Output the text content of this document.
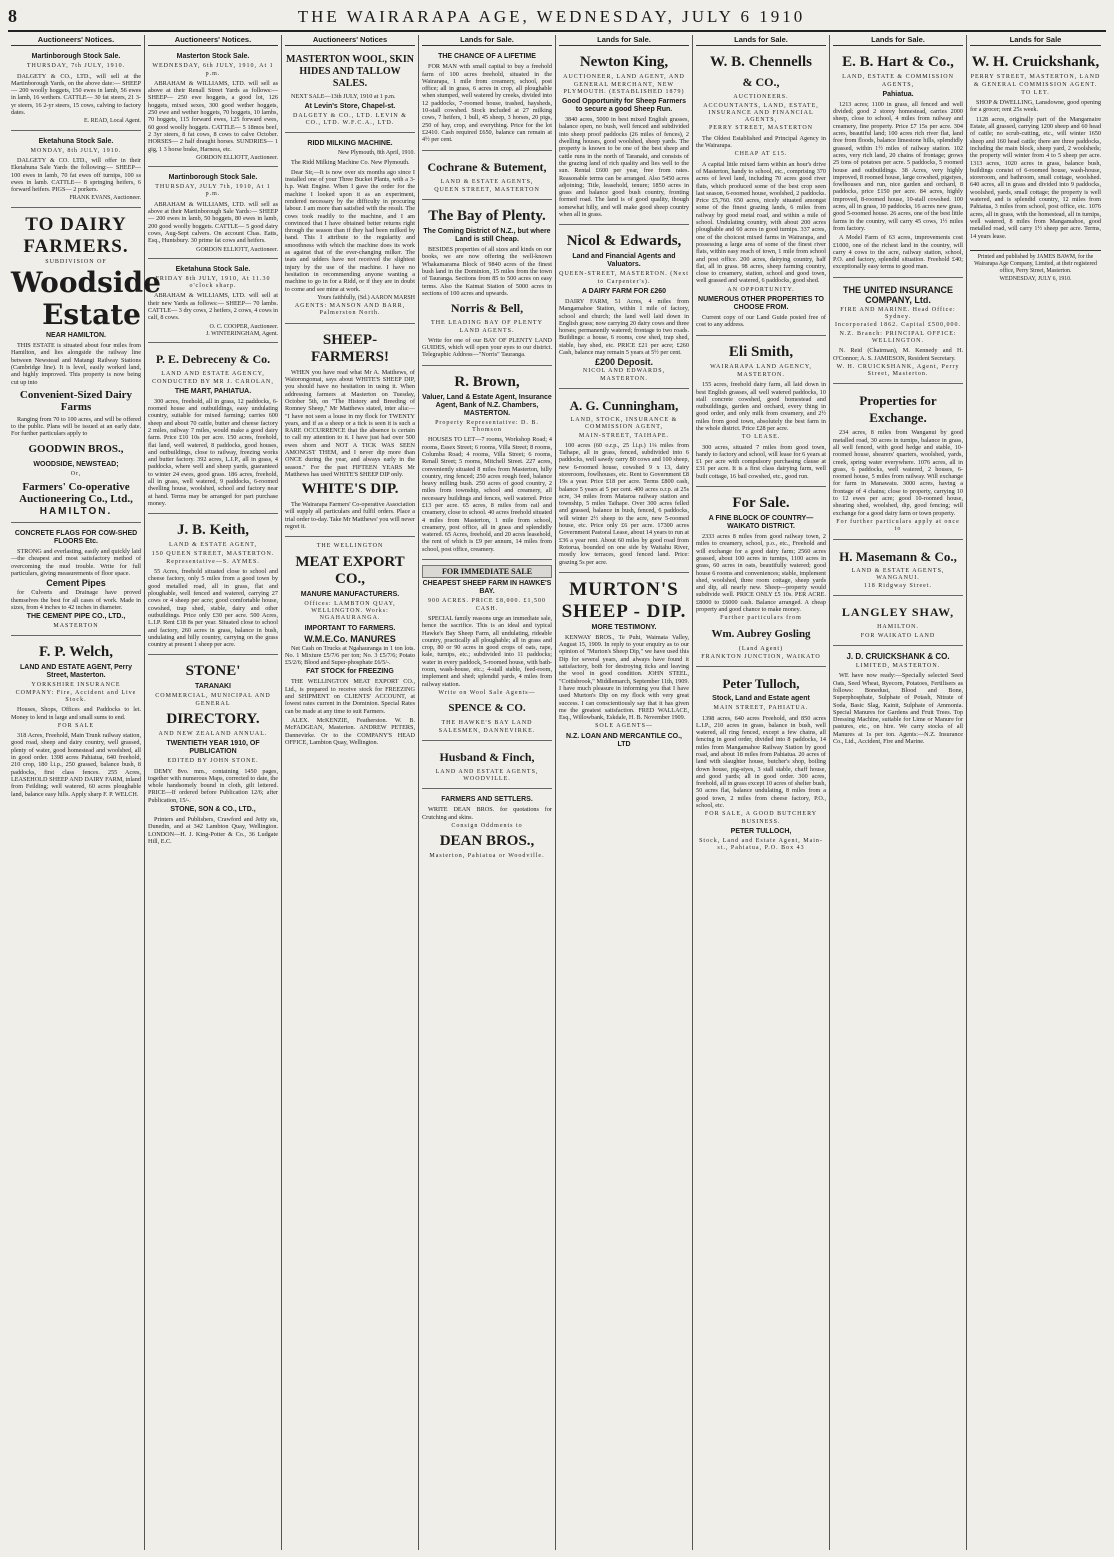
8	THE WAIRARAPA AGE, WEDNESDAY, JULY 6 1910
Auctioneers' Notices.
Martinborough Stock Sale.
THURSDAY, 7th JULY, 1910.
DALGETY & CO., LTD., will sell at the Martinborough Yards, on the above date:— SHEEP— 200 woolly hoggets, 150 ewes in lamb, 56 ewes in lamb, 16 wethers. CATTLE— 30 fat steers, 21 3-yr steers, 16 2-yr steers, 15 cows, calving to factory dates.
E. READ, Local Agent.
Eketahuna Stock Sale.
MONDAY, 8th JULY, 1910.
DALGETY & CO. LTD., will offer in their Eketahuna Sale Yards the following:— SHEEP— 100 ewes in lamb, 70 fat ewes off turnips, 100 ss ewes in lamb. CATTLE— 8 springing heifers, 6 forward heifers. PIGS— 2 porkers.
FRANK EVANS, Auctioneer.
TO DAIRY
FARMERS.
SUBDIVISION OF
Woodside
Estate
NEAR HAMILTON.
THIS ESTATE is situated about four miles from Hamilton, and lies alongside the railway line between Newstead and Matangi Railway Stations (Cambridge line). It is level, easily worked land, and highly improved. This property is now being cut up into
Convenient-Sized Dairy Farms
Ranging from 70 to 100 acres, and will be offered to the public. Plans will be issued at an early date. For further particulars apply to
GOODWIN BROS.,
WOODSIDE, NEWSTEAD;
Or,
Farmers' Co-operative Auctioneering Co., Ltd.,
HAMILTON.
CONCRETE FLAGS FOR COW-SHED FLOORS Etc.
STRONG and everlasting, easily and quickly laid—the cheapest and most satisfactory method of overcoming the mud trouble. Write for full particulars, giving measurements of floor space.
Cement Pipes
for Culverts and Drainage have proved themselves the best for all cases of work. Made in sizes, from 4 inches to 42 inches in diameter.
THE CEMENT PIPE CO., LTD.,
MASTERTON
F. P. Welch,
LAND AND ESTATE AGENT, Perry Street, Masterton.
YORKSHIRE INSURANCE COMPANY: Fire, Accident and Live Stock.
Houses, Shops, Offices and Paddocks to let. Money to lend in large and small sums to end.
FOR SALE
318 Acres, Freehold, Main Trunk railway station, good road, sheep and dairy country, well grassed, plenty of water, good homestead and woolshed, all in good order. 1398 acres Pahiatua, 640 freehold, 210 crop, 180 l.i.p., 250 grassed, balance bush, 8 paddocks, first class fences. 255 Acres, LEASEHOLD SHEEP AND DAIRY FARM, inland from Feilding; well watered, 60 acres ploughable land, balance easy hills. Apply sharp F. P. WELCH.
Auctioneers' Notices.
Masterton Stock Sale.
WEDNESDAY, 6th JULY, 1910, At 1 p.m.
ABRAHAM & WILLIAMS, LTD. will sell as above at their Renall Street Yards as follows:— SHEEP— 250 ewe hoggets, a good lot, 126 hoggets, mixed sexes, 300 good wether hoggets, 250 ewe and wether hoggets, 70 hoggets, 10 lambs, 70 hoggets, 115 forward ewes, 125 forward ewes, 60 good woolly hoggets. CATTLE— 5 18mos beef, 2 3yr steers, 8 fat cows, 8 cows to calve October. HORSES— 2 half draught horses. SUNDRIES— 1 gig, 1 3 horse brake, Harness, etc.
GORDON ELLIOTT, Auctioneer.
Martinborough Stock Sale.
THURSDAY, JULY 7th, 1910, At 1 p.m.
ABRAHAM & WILLIAMS, LTD. will sell as above at their Martinborough Sale Yards:— SHEEP— 200 ewes in lamb, 50 hoggets, 80 ewes in lamb, 200 good woolly hoggets. CATTLE— 5 good dairy cows, Aug-Sept calvers. On account Chas. Eatts, Esq., Huntsbury. 30 prime fat cows and heifers.
GORDON ELLIOTT, Auctioneer.
Eketahuna Stock Sale.
FRIDAY 8th JULY, 1910, At 11.30 o'clock sharp.
ABRAHAM & WILLIAMS, LTD. will sell at their new Yards as follows:— SHEEP— 70 lambs. CATTLE— 3 dry cows, 2 heifers, 2 cows, 4 cows in calf, 8 cows.
O. C. COOPER, Auctioneer.
J. WINTERINGHAM, Agent.
P. E. Debreceny & Co.
LAND AND ESTATE AGENCY, CONDUCTED BY MR J. CAROLAN,
THE MART, PAHIATUA.
300 acres, freehold, all in grass, 12 paddocks, 6-roomed house and outbuildings, easy undulating country, suitable for mixed farming; carries 600 sheep and about 70 cattle, butter and cheese factory 2 miles, railway 7 miles, would make a good dairy farm. Price £10 10s per acre. 150 acres, freehold, flat land, well watered, 8 paddocks, good houses, and outbuildings, close to railway, freezing works and butter factory. 392 acres, L.I.P., all in grass, 4 paddocks, where well and sheep yards, guaranteed to winter 24 ewes, good grass. 186 acres, freehold, all in grass, well watered, 9 paddocks, 6-roomed dwelling house, woolshed, school and factory near at hand. Terms may be arranged for part purchase money.
J. B. Keith,
LAND & ESTATE AGENT,
150 QUEEN STREET, MASTERTON.
Representative—S. AYMES.
55 Acres, freehold situated close to school and cheese factory, only 5 miles from a good town by good metalled road, all in grass, flat and ploughable, well fenced and watered, carrying 27 cows or 4 sheep per acre; good comfortable house, cowshed, trap shed, stable, dairy and other outbuildings. Price only £30 per acre. 500 Acres, L.I.P. Rent £18 8s per year. Situated close to school and factory, 260 acres in grass, balance in bush, undulating and hilly country, carrying on the grass country at present 1 sheep per acre.
STONE'
TARANAKI
COMMERCIAL, MUNICIPAL AND GENERAL
DIRECTORY.
AND NEW ZEALAND ANNUAL.
TWENTIETH YEAR 1910, OF PUBLICATION
EDITED BY JOHN STONE.
DEMY 8vo. mm., containing 1450 pages, together with numerous Maps, corrected to date, the whole handsomely bound in cloth, gilt lettered. PRICE—If ordered before Publication 12/6; after Publication, 15/-.
STONE, SON & CO., LTD.,
Printers and Publishers, Crawford and Jetty sts, Dunedin, and at 342 Lambton Quay, Wellington. LONDON—H. J. King-Potter & Co., 36 Ludgate Hill, E.C.
Auctioneers' Notices
MASTERTON WOOL, SKIN HIDES AND TALLOW SALES.
NEXT SALE—13th JULY, 1910 at 1 p.m.
At Levin's Store, Chapel-st.
DALGETY & CO., LTD. LEVIN & CO., LTD. W.F.C.A., LTD.
RIDD MILKING MACHINE.
New Plymouth, 8th April, 1910.
The Ridd Milking Machine Co. New Plymouth.
Dear Sir,—It is now over six months ago since I installed one of your Three Bucket Plants, with a 3-h.p. Watt Engine. When I gave the order for the machine I looked upon it as an experiment, rendered necessary by the difficulty in procuring labour. I am more than satisfied with the result. The cows took readily to the machine, and I am convinced that I have obtained better returns right through the season than if they had been milked by hand. This I attribute to the regularity and smoothness with which the machine does its work as against that of the ever-changing milker. The teats and udders have not received the slightest injury by the use of the machine. I have no hesitation in recommending anyone wanting a machine to go in for a Ridd, or if they are in doubt to come and see mine at work.
Yours faithfully, (Sd.) AARON MARSH
AGENTS: MANSON AND BARR, Palmerston North.
SHEEP-FARMERS!
WHEN you have read what Mr A. Matthews, of Waiorongomai, says about WHITE'S SHEEP DIP, you should have no hesitation in using it. When addressing farmers at Masterton on Tuesday, October 5th, on "The History and Breeding of Romney Sheep," Mr Matthews stated, inter alia:— "I have not seen a louse in my flock for TWENTY years, and if as a sheep or a tick is seen it is such a RARE OCCURRENCE that the absence is certain to call my attention to it. I have just had over 500 ewes shorn and NOT A TICK WAS SEEN AMONGST THEM, and I never dip more than ONCE during the year, and always early in the season." For the past FIFTEEN YEARS Mr Matthews has used WHITE'S SHEEP DIP only.
WHITE'S DIP.
The Wairarapa Farmers' Co-operative Association will supply all particulars and fulfil orders. Place a trial order to-day. Take Mr Matthews' you will never regret it.
THE WELLINGTON
MEAT EXPORT CO.,
MANURE MANUFACTURERS.
Offices: LAMBTON QUAY, WELLINGTON. Works: NGAHAURANGA.
IMPORTANT TO FARMERS.
W.M.E.Co. MANURES
Net Cash on Trucks at Ngahauranga in 1 ton lots. No. 1 Mixture £5/7/6 per ton; No. 3 £5/7/6; Potato £5/2/6; Blood and Super-phosphate £6/5/-.
FAT STOCK for FREEZING
THE WELLINGTON MEAT EXPORT CO., Ltd., is prepared to receive stock for FREEZING and SHIPMENT on CLIENTS' ACCOUNT, at lowest rates current in the Dominion. Special Rates can be made at any time to suit Farmers.
ALEX. McKENZIE, Featherston. W. B. McFADGEAN, Masterton. ANDREW PETERS, Dannevirke. Or to the COMPANY'S HEAD OFFICE, Lambton Quay, Wellington.
Lands for Sale.
THE CHANCE OF A LIFETIME
FOR MAN with small capital to buy a freehold farm of 100 acres freehold, situated in the Wairarapa, 1 mile from creamery, school, post office; all in grass, 6 acres in crop, all ploughable when stumped, well watered by creeks, divided into 12 paddocks, 7-roomed house, trashed, haysheds, 10-stall cowshed. Stock included at 27 milking cows, 7 heifers, 1 bull, 45 sheep, 3 horses, 20 pigs, 250 of hay, crop, and everything. Price for the lot £2410. Cash required £650, balance can remain at 4½ per cent.
Cochrane & Butement,
LAND & ESTATE AGENTS,
QUEEN STREET, MASTERTON
The Bay of Plenty.
The Coming District of N.Z., but where Land is still Cheap.
BESIDES properties of all sizes and kinds on our books, we are now offering the well-known Whakamarama Block of 9840 acres of the finest bush land in the Dominion, 15 miles from the town of Tauranga. Sections from 85 to 500 acres on easy terms. Also the Kaimai Station of 5000 acres in sections of 100 acres and upwards.
Norris & Bell,
THE LEADING BAY OF PLENTY LAND AGENTS.
Write for one of our BAY OF PLENTY LAND GUIDES, which will open your eyes to our district. Telegraphic Address—"Norris" Tauranga.
R. Brown,
Valuer, Land & Estate Agent, Insurance Agent, Bank of N.Z. Chambers, MASTERTON.
Property Representative: D. B. Thomson
HOUSES TO LET—7 rooms, Workshop Road; 4 rooms, Essex Street; 6 rooms, Villa Street; 8 rooms, Columba Road; 4 rooms, Villa Street; 6 rooms, Renall Street; 5 rooms, Mitchell Street. 227 acres, conveniently situated 8 miles from Masterton, hilly country, ring fenced; 250 acres rough feed, balance heavy milling bush. 250 acres of good country, 2 miles from township, school and creamery, all necessary buildings and fences, well watered. Price £13 per acre. 65 acres, 8 miles from rail and creamery, close to school. 40 acres freehold situated 4 miles from Masterton, 1 mile from school, creamery, post office, all in grass and splendidly watered. 65 Acres, freehold, and 20 acres leasehold, the rent of which is £9 per annum, 14 miles from school, post office, creamery.
FOR IMMEDIATE SALE
CHEAPEST SHEEP FARM IN HAWKE'S BAY.
900 ACRES. PRICE £8,000. £1,500 CASH.
SPECIAL family reasons urge an immediate sale, hence the sacrifice. This is an ideal and typical Hawke's Bay Sheep Farm, all undulating, rideable country, practically all ploughable; all in grass and crop, 80 or 90 acres in good crops of oats, rape, kale, turnips, etc.; subdivided into 11 paddocks; water in every paddock, 5-roomed house, with bath-room, wash-house, etc.; 4-stall stable, feed-room, implement and shed; splendid yards, 4 miles from railway station.
Write on Wool Sale Agents—
SPENCE & CO.
THE HAWKE'S BAY LAND SALESMEN, DANNEVIRKE.
Husband & Finch,
LAND AND ESTATE AGENTS, WOODVILLE.
FARMERS AND SETTLERS.
WRITE DEAN BROS. for quotations for Crutching and skins.
Consign Oddments to
DEAN BROS.,
Masterton, Pahiatua or Woodville.
Lands for Sale.
Newton King,
AUCTIONEER, LAND AGENT, AND GENERAL MERCHANT, NEW PLYMOUTH. (ESTABLISHED 1879)
Good Opportunity for Sheep Farmers to secure a good Sheep Run.
3840 acres, 5000 in best mixed English grasses, balance open, no bush, well fenced and subdivided into sheep proof paddocks (26 miles of fences), 2 dwelling houses, good woolshed, sheep yards. The property is known to be one of the best sheep and cattle runs in the north of Taranaki, and consists of the grazing land of rich quality and lies well to the sun. Rental £600 per year, free from rates. Reasonable terms can be arranged. Also 5450 acres adjoining; Title, leasehold, tenure; 1850 acres in grass and balance good bush country, fronting formed road. The land is of good quality, though somewhat hilly, and will make good sheep country when all in grass.
Nicol & Edwards,
Land and Financial Agents and Valuators.
QUEEN-STREET, MASTERTON. (Next to Carpenter's).
A DAIRY FARM FOR £260
DAIRY FARM, 51 Acres, 4 miles from Mangamahoe Station, within 1 mile of factory, school and church; the land well laid down in English grass; now carrying 20 dairy cows and three horses; permanently watered; frontage to two roads. Buildings: a house, 6 rooms, cow shed, trap shed, stable, hay shed, etc. PRICE £21 per acre; £260 Cash, balance may remain 5 years at 5½ per cent.
£200 Deposit.
NICOL AND EDWARDS, MASTERTON.
A. G. Cunningham,
LAND, STOCK, INSURANCE & COMMISSION AGENT,
MAIN-STREET, TAIHAPE.
100 acres (60 o.r.p., 25 l.i.p.) 1¼ miles from Taihape, all in grass, fenced, subdivided into 6 paddocks, well sawdy carry 80 cows and 100 sheep, new 6-roomed house, cowshed 9 x 13, dairy storeroom, fowlhouses, etc. Rent to Government £8 19s a year. Price £18 per acre. Terms £800 cash, balance 5 years at 5 per cent. 400 acres o.r.p. at 25s acre, 34 miles from Mataroa railway station and township, 5 miles Taihape. Over 300 acres felled and grassed, balance in bush, fenced, 6 paddocks, will winter 2½ sheep to the acre, new 5-roomed house, etc. Price only £6 per acre. 17300 acres Government Pastoral Lease, about 14 years to run at £36 a year rent. About 60 miles by good road from Rotorua, bounded on one side by Waitahu River, mostly low terraces, good fenced land. Price: grazing 5s per acre.
MURTON'S
SHEEP - DIP.
MORE TESTIMONY.
KENWAY BROS., Te Puhi, Waimata Valley, August 15, 1909. In reply to your enquiry as to our opinion of "Murton's Sheep Dip," we have used this Dip for several years, and always have found it satisfactory, both for destroying ticks and leaving the wool in good condition. JOHN STEEL, "Cottisbrook," Middlemarch, September 11th, 1909. I have much pleasure in informing you that I have used Murton's Dip on my flock with very great success. I can conscientiously say that it has given me the greatest satisfaction. FRED WALLACE, Esq., Willowbank, Eskdale, H. B. November 1909.
SOLE AGENTS—
N.Z. LOAN AND MERCANTILE CO., LTD
Lands for Sale.
W. B. Chennells
& CO.,
AUCTIONEERS.
ACCOUNTANTS, LAND, ESTATE, INSURANCE AND FINANCIAL AGENTS,
PERRY STREET, MASTERTON
The Oldest Established and Principal Agency in the Wairarapa.
CHEAP AT £15.
A capital little mixed farm within an hour's drive of Masterton, handy to school, etc., comprising 370 acres of level land, including 70 acres good river flats, which produced some of the best crop seen last season, 6-roomed house, woolshed, 2 paddocks. Price £5,760. 650 acres, nicely situated amongst some of the finest grazing lands, 6 miles from railway by good metal road, and within a mile of school. Undulating country, with about 200 acres ploughable and 60 acres in good turnips. 337 acres, one of the choicest mixed farms in Wairarapa, and possessing a large area of some of the finest river flats, within easy reach of town, 1 mile from school and post office. 200 acres, dairying country, half flat, all in grass. 98 acres, sheep farming country, close to creamery, station, school and good town, well grassed and watered, 6 paddocks, good shed.
AN OPPORTUNITY.
NUMEROUS OTHER PROPERTIES TO CHOOSE FROM.
Current copy of our Land Guide posted free of cost to any address.
Eli Smith,
WAIRARAPA LAND AGENCY,
MASTERTON.
155 acres, freehold dairy farm, all laid down in best English grasses, all well watered paddocks, 10 stall concrete cowshed, good homestead and outbuildings, garden and orchard, every thing in good order, and only milk from creamery, and 2½ miles from good town, absolutely the best farm in the whole district. Price £28 per acre.
TO LEASE.
300 acres, situated 7 miles from good town, handy to factory and school, will lease for 6 years at £1 per acre with compulsory purchasing clause at £31 per acre. It is a first class dairying farm, well built cottage, 16 bail cowshed, etc., good run.
For Sale.
A FINE BLOCK OF COUNTRY— WAIKATO DISTRICT.
2333 acres 8 miles from good railway town, 2 miles to creamery, school, p.o., etc., Freehold and will exchange for a good dairy farm; 2560 acres grassed, about 100 acres in turnips, 1100 acres in grass, 60 acres in oats, beautifully watered; good house 6 rooms and conveniences; stable, implement shed, woolshed, three room cottage, sheep yards and dip, all nearly new. Sheep—property would subdivide well. PRICE ONLY £5 10s. PER ACRE. £8000 to £6000 cash. Balance arranged. A cheap property and good chance to make money.
Further particulars from
Wm. Aubrey Gosling
(Land Agent)
FRANKTON JUNCTION, WAIKATO
Peter Tulloch,
Stock, Land and Estate agent
MAIN STREET, PAHIATUA.
1398 acres, 640 acres Freehold, and 850 acres L.I.P., 210 acres in grass, balance in bush, well watered, all ring fenced, except a few chains, all fencing in good order, divided into 8 paddocks, 14 miles from Mangamahoe Railway Station by good road, and about 18 miles from Pahiatua. 20 acres of land with slaughter house, butcher's shop, boiling down house, pig-styes, 3 stall stable, chaff house, and good yards; all in good order. 300 acres, freehold, all in grass except 10 acres of shelter bush, 50 acres flat, balance undulating, 8 miles from a good town, 2 miles from cheese factory, P.O., school, etc.
FOR SALE, A GOOD BUTCHERY BUSINESS.
PETER TULLOCH,
Stock, Land and Estate Agent, Main-st., Pahiatua, P.O. Box 43
Lands for Sale.
E. B. Hart & Co.,
LAND, ESTATE & COMMISSION AGENTS,
Pahiatua.
1213 acres; 1100 in grass, all fenced and well divided; good 2 storey homestead, carries 2000 sheep, close to school, 4 miles from railway and creamery, fine property. Price £7 15s per acre. 304 acres, beautiful land; 100 acres rich river flat, land free from floods, balance limestone hills, splendidly grassed, within 1½ miles of railway station. 102 acres, very rich land, 20 chains of frontage; grows 25 tons of potatoes per acre. 5 paddocks, 5 roomed house and outbuildings. 38 Acres, very highly improved, 8 roomed house, large cowshed, pigstyes, fowlhouses and run, nice garden and orchard, 8 paddocks, price £150 per acre. 84 acres, highly improved, 8-roomed house, 10-stall cowshed. 100 acres, all in grass, 10 paddocks, 16 acres new grass, good 5-roomed house. 26 acres, one of the best little farms in the country, will carry 45 cows, 1½ miles from factory.
A Model Farm of 63 acres, improvements cost £1000, one of the richest land in the country, will carry 4 cows to the acre, railway station, school, P.O. and factory, splendid situation. Freehold £40; exceptionally easy terms to good man.
THE UNITED INSURANCE COMPANY, Ltd.
FIRE AND MARINE. Head Office: Sydney.
Incorporated 1862. Capital £500,000.
N.Z. Branch: PRINCIPAL OFFICE: WELLINGTON.
N. Reid (Chairman), M. Kennedy and H. O'Connor; A. S. JAMIESON, Resident Secretary.
W. H. CRUICKSHANK, Agent, Perry Street, Masterton.
Properties for Exchange.
234 acres, 8 miles from Wanganui by good metalled road, 30 acres in turnips, balance in grass, all well fenced, with good hedge and stable, 10-roomed house, shearers' quarters, woolshed, yards, creek, spring water everywhere. 1076 acres, all in grass, 6 paddocks, well watered, 2 houses, 6-roomed house, 5 miles from railway. Will exchange for farm in Manawatu. 3000 acres, having a frontage of 4 chains; close to property, carrying 10 to 12 ewes per acre; good 10-roomed house, shearing shed, woolshed, dip, good fencing; will exchange for a good dairy farm or town property.
For further particulars apply at once to
H. Masemann & Co.,
LAND & ESTATE AGENTS, WANGANUI.
118 Ridgway Street.
LANGLEY SHAW,
HAMILTON.
FOR WAIKATO LAND
J. D. CRUICKSHANK & CO.
LIMITED, MASTERTON.
WE have now ready:—Specially selected Seed Oats, Seed Wheat, Ryecorn, Potatoes, Fertilisers as follows: Bonedust, Blood and Bone, Superphosphate, Sulphate of Potash, Nitrate of Soda, Basic Slag, Kainit, Sulphate of Ammonia. Special Manures for Gardens and Fruit Trees. Top Dressing Machine, suitable for Lime or Manure for pastures, etc., on hire. We carry stocks of all Manures at 1s per ton. Agents:—N.Z. Insurance Co., Ltd., Accident, Fire and Marine.
Lands for Sale
W. H. Cruickshank,
PERRY STREET, MASTERTON, LAND & GENERAL COMMISSION AGENT.
TO LET.
SHOP & DWELLING, Lansdowne, good opening for a grocer; rent 25s week.
1128 acres, originally part of the Mangamaire Estate, all grassed, carrying 1200 sheep and 60 head of cattle; no scrub-cutting, etc., will winter 1650 sheep and 160 head cattle; there are three paddocks, including the main block, sheep yard, 2 woolsheds; the property will winter from 4 to 5 sheep per acre. 1313 acres, 1020 acres in grass, balance bush, buildings consist of 6-roomed house, wash-house, storeroom, and bathroom, small cottage, woolshed. 640 acres, all in grass and divided into 9 paddocks, woolshed, yards, small cottage; the property is well watered, and is splendid country, 12 miles from Pahiatua, 3 miles from school, post office, etc. 1076 acres, all in grass, with the homestead, all in turnips, well watered, 8 miles from Mangamahoe, good metalled road, will carry 1½ sheep per acre. Terms, 14 years lease.
Printed and published by JAMES BAWM, for the Wairarapa Age Company, Limited, at their registered office, Perry Street, Masterton.
WEDNESDAY, JULY 6, 1910.
